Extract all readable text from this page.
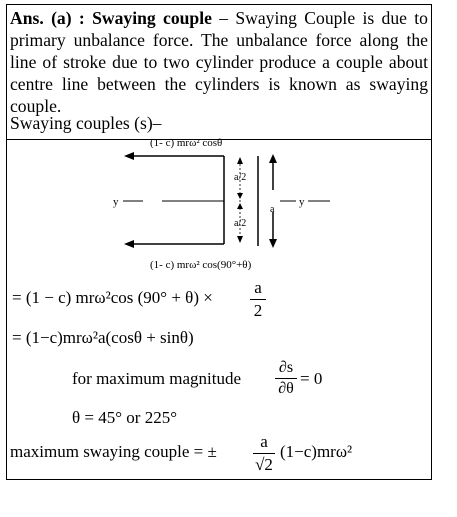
Ans. (a) : Swaying couple – Swaying Couple is due to primary unbalance force. The unbalance force along the line of stroke due to two cylinder produce a couple about centre line between the cylinders is known as swaying couple.

Swaying couples (s)–
(1- c) mrω² cosθ
y
a/2
a/2
a
y
(1- c) mrω² cos(90°+θ)
= (1 − c) mrω²cos (90° + θ) ×
a
2
= (1−c)mrω²a(cosθ + sinθ)
for maximum magnitude
∂s
∂θ
= 0
θ = 45° or 225°
maximum swaying couple = ±
a
√2
(1−c)mrω²
